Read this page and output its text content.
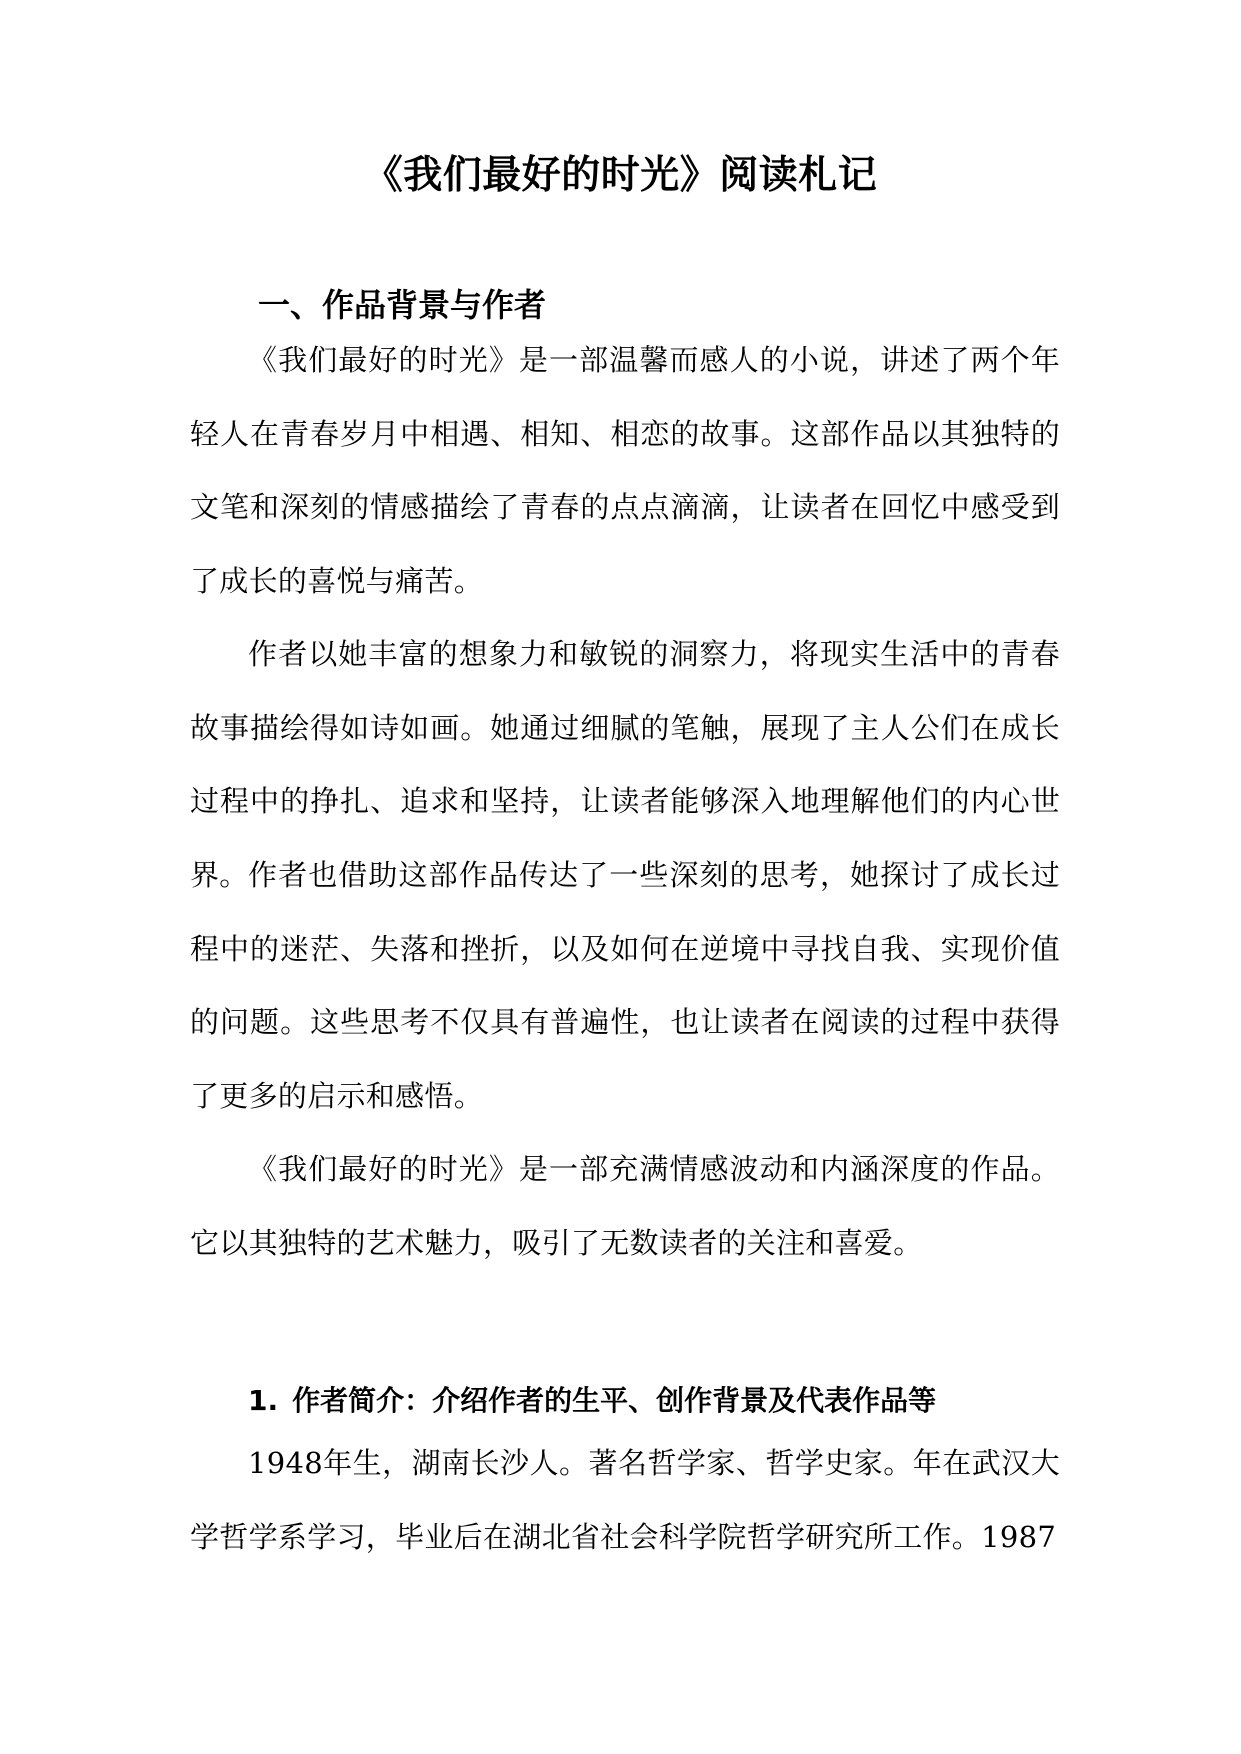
《我们最好的时光》阅读札记
一、作品背景与作者

《我们最好的时光》是一部温馨而感人的小说，讲述了两个年轻人在青春岁月中相遇、相知、相恋的故事。这部作品以其独特的文笔和深刻的情感描绘了青春的点点滴滴，让读者在回忆中感受到了成长的喜悦与痛苦。

作者以她丰富的想象力和敏锐的洞察力，将现实生活中的青春故事描绘得如诗如画。她通过细腻的笔触，展现了主人公们在成长过程中的挣扎、追求和坚持，让读者能够深入地理解他们的内心世界。 作者也借助这部作品传达了一些深刻的思考，她探讨了成长过程中的迷茫、失落和挫折，以及如何在逆境中寻找自我、实现价值的问题。这些思考不仅具有普遍性，也让读者在阅读的过程中获得了更多的启示和感悟。

《我们最好的时光》是一部充满情感波动和内涵深度的作品。它以其独特的艺术魅力，吸引了无数读者的关注和喜爱。

1. 作者简介：介绍作者的生平、创作背景及代表作品等

1948年生，湖南长沙人。著名哲学家、哲学史家。年在武汉大学哲学系学习，毕业后在湖北省社会科学院哲学研究所工作。1987
